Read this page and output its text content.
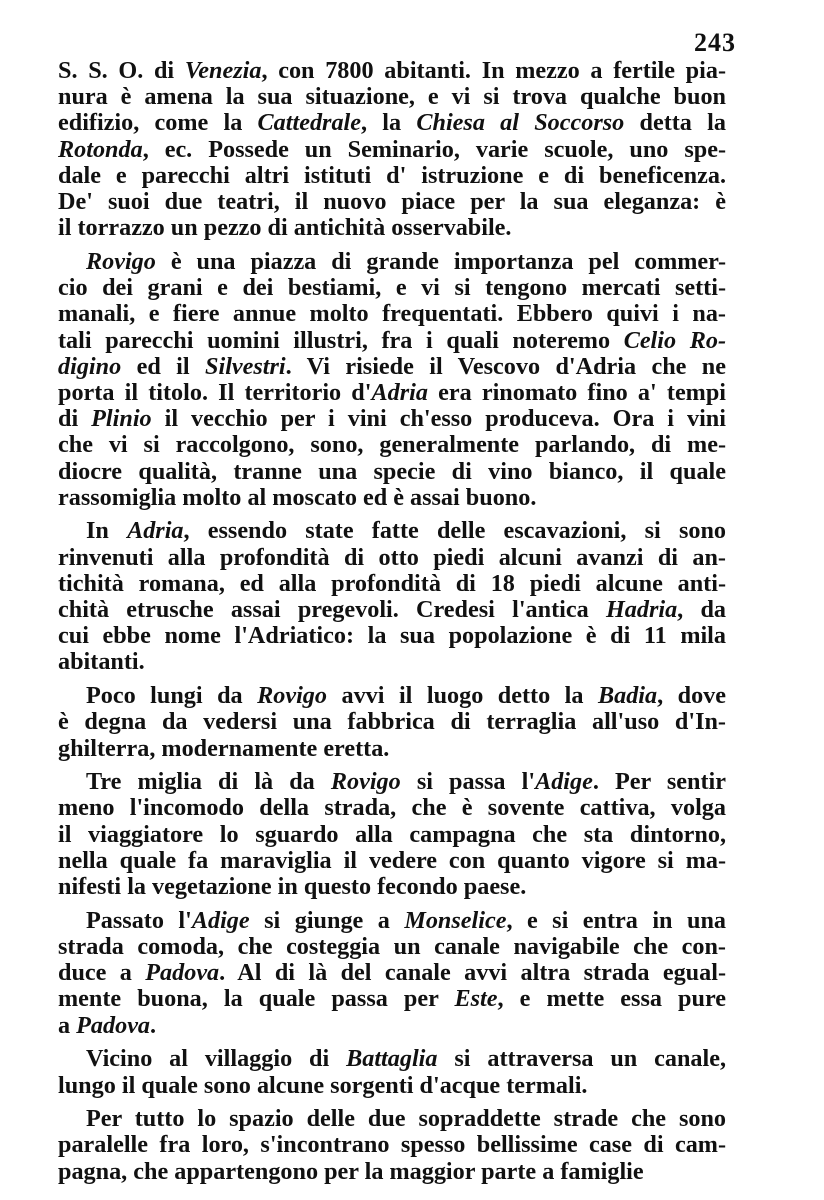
243
S. S. O. di Venezia, con 7800 abitanti. In mezzo a fertile pia-
nura è amena la sua situazione, e vi si trova qualche buon
edifizio, come la Cattedrale, la Chiesa al Soccorso detta la
Rotonda, ec. Possede un Seminario, varie scuole, uno spe-
dale e parecchi altri istituti d' istruzione e di beneficenza.
De' suoi due teatri, il nuovo piace per la sua eleganza: è
il torrazzo un pezzo di antichità osservabile.
Rovigo è una piazza di grande importanza pel commer-
cio dei grani e dei bestiami, e vi si tengono mercati setti-
manali, e fiere annue molto frequentati. Ebbero quivi i na-
tali parecchi uomini illustri, fra i quali noteremo Celio Ro-
digino ed il Silvestri. Vi risiede il Vescovo d'Adria che ne
porta il titolo. Il territorio d'Adria era rinomato fino a' tempi
di Plinio il vecchio per i vini ch'esso produceva. Ora i vini
che vi si raccolgono, sono, generalmente parlando, di me-
diocre qualità, tranne una specie di vino bianco, il quale
rassomiglia molto al moscato ed è assai buono.
In Adria, essendo state fatte delle escavazioni, si sono
rinvenuti alla profondità di otto piedi alcuni avanzi di an-
tichità romana, ed alla profondità di 18 piedi alcune anti-
chità etrusche assai pregevoli. Credesi l'antica Hadria, da
cui ebbe nome l'Adriatico: la sua popolazione è di 11 mila
abitanti.
Poco lungi da Rovigo avvi il luogo detto la Badia, dove
è degna da vedersi una fabbrica di terraglia all'uso d'In-
ghilterra, modernamente eretta.
Tre miglia di là da Rovigo si passa l'Adige. Per sentir
meno l'incomodo della strada, che è sovente cattiva, volga
il viaggiatore lo sguardo alla campagna che sta dintorno,
nella quale fa maraviglia il vedere con quanto vigore si ma-
nifesti la vegetazione in questo fecondo paese.
Passato l'Adige si giunge a Monselice, e si entra in una
strada comoda, che costeggia un canale navigabile che con-
duce a Padova. Al di là del canale avvi altra strada egual-
mente buona, la quale passa per Este, e mette essa pure
a Padova.
Vicino al villaggio di Battaglia si attraversa un canale,
lungo il quale sono alcune sorgenti d'acque termali.
Per tutto lo spazio delle due sopraddette strade che sono
paralelle fra loro, s'incontrano spesso bellissime case di cam-
pagna, che appartengono per la maggior parte a famiglie
